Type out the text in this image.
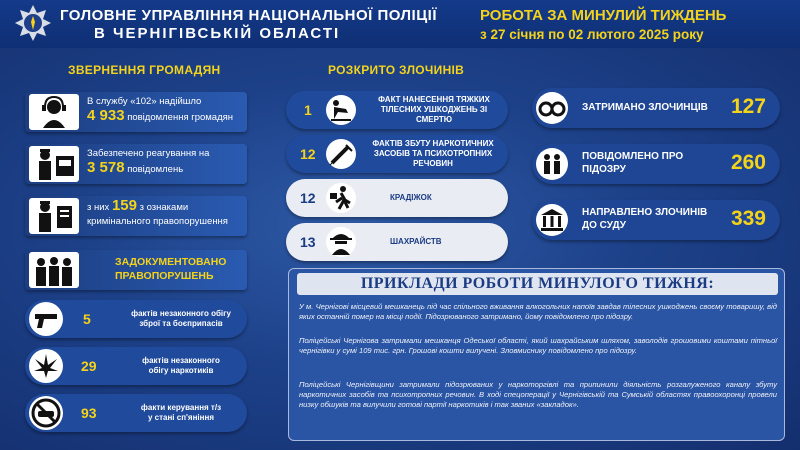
ГОЛОВНЕ УПРАВЛІННЯ НАЦІОНАЛЬНОЇ ПОЛІЦІЇ
В ЧЕРНІГІВСЬКІЙ ОБЛАСТІ
РОБОТА ЗА МИНУЛИЙ ТИЖДЕНЬ
з 27 січня по 02 лютого 2025 року
ЗВЕРНЕННЯ ГРОМАДЯН	РОЗКРИТО ЗЛОЧИНІВ
В службу «102» надійшло
4 933 повідомлення громадян
Забезпечено реагування на
3 578 повідомлень
з них 159 з ознаками
кримінального правопорушення
ЗАДОКУМЕНТОВАНО
ПРАВОПОРУШЕНЬ
5	фактів незаконного обігу
зброї та боєприпасів
29	фактів незаконного
обігу наркотиків
93	факти керування т/з
у стані сп'яніння
1
ФАКТ НАНЕСЕННЯ ТЯЖКИХ
ТІЛЕСНИХ УШКОДЖЕНЬ ЗІ
СМЕРТЮ
12
ФАКТІВ ЗБУТУ НАРКОТИЧНИХ
ЗАСОБІВ ТА ПСИХОТРОПНИХ
РЕЧОВИН
12	КРАДІЖОК
13	ШАХРАЙСТВ
ЗАТРИМАНО ЗЛОЧИНЦІВ 127
ПОВІДОМЛЕНО ПРО
ПІДОЗРУ	260
НАПРАВЛЕНО ЗЛОЧИНІВ
ДО СУДУ	339
ПРИКЛАДИ РОБОТИ МИНУЛОГО ТИЖНЯ:
У м. Чернігові місцевий мешканець під час спільного вживання алкогольних напоїв завдав тілесних ушкоджень своєму товаришу, від яких останній помер на місці події. Підозрюваного затримано, йому повідомлено про підозру.
Поліцейські Чернігова затримали мешканця Одеської області, який шахрайським шляхом, заволодів грошовими коштами пітньої чернігівки у сумі 109 тис. грн. Грошові кошти вилучені. Зловмиснику повідомлено про підозру.
Поліцейські Чернігівщини затримали підозрюваних у наркоторгівлі та припинили діяльність розгалуженого каналу збуту наркотичних засобів та психотропних речовин. В ході спецоперації у Чернігівській та Сумській областях правоохоронці провели низку обшуків та вилучили готові партії наркотиків і так званих «закладок».
